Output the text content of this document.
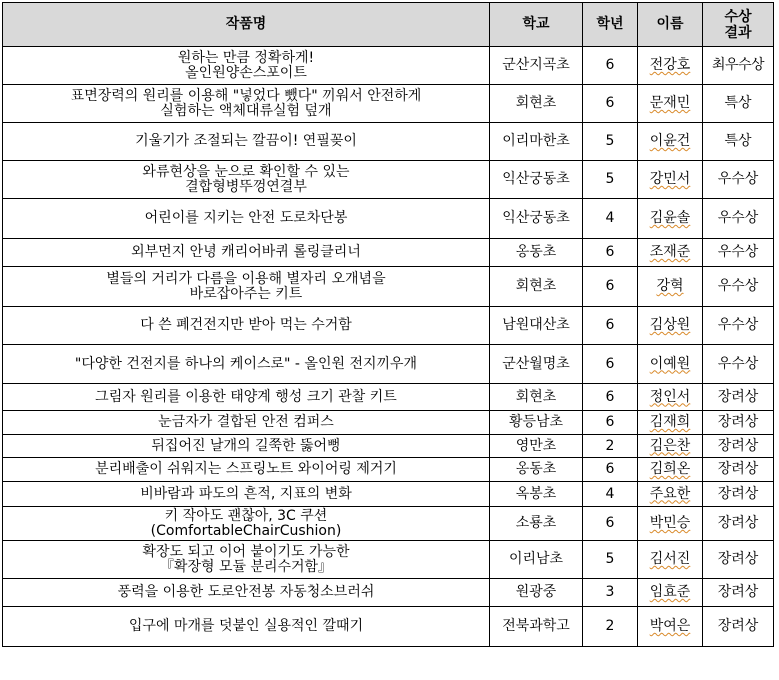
작품명	학교	학년	이름	수상
결과

원하는 만큼 정확하게!
올인원양손스포이트	군산지곡초	6	전강호	최우수상

표면장력의 원리를 이용해 "넣었다 뺐다" 끼워서 안전하게
실험하는 액체대류실험 덮개	회현초	6	문재민	특상

기울기가 조절되는 깔끔이! 연필꽂이	이리마한초	5	이윤건	특상

와류현상을 눈으로 확인할 수 있는
결합형병뚜껑연결부	익산궁동초	5	강민서	우수상

어린이를 지키는 안전 도로차단봉	익산궁동초	4	김윤솔	우수상

외부먼지 안녕 캐리어바퀴 롤링클리너	옹동초	6	조재준	우수상

별들의 거리가 다름을 이용해 별자리 오개념을
바로잡아주는 키트	회현초	6	강혁	우수상

다 쓴 폐건전지만 받아 먹는 수거함	남원대산초	6	김상원	우수상

"다양한 건전지를 하나의 케이스로" - 올인원 전지끼우개	군산월명초	6	이예원	우수상

그림자 원리를 이용한 태양계 행성 크기 관찰 키트	회현초	6	정인서	장려상

눈금자가 결합된 안전 컴퍼스	황등남초	6	김재희	장려상

뒤집어진 날개의 길쭉한 뚫어뻥	영만초	2	김은찬	장려상

분리배출이 쉬워지는 스프링노트 와이어링 제거기	옹동초	6	김희온	장려상

비바람과 파도의 흔적, 지표의 변화	옥봉초	4	주요한	장려상

키 작아도 괜찮아, 3C 쿠션
(ComfortableChairCushion)	소룡초	6	박민승	장려상

확장도 되고 이어 붙이기도 가능한
『확장형 모듈 분리수거함』	이리남초	5	김서진	장려상

풍력을 이용한 도로안전봉 자동청소브러쉬	원광중	3	임효준	장려상

입구에 마개를 덧붙인 실용적인 깔때기	전북과학고	2	박여은	장려상
